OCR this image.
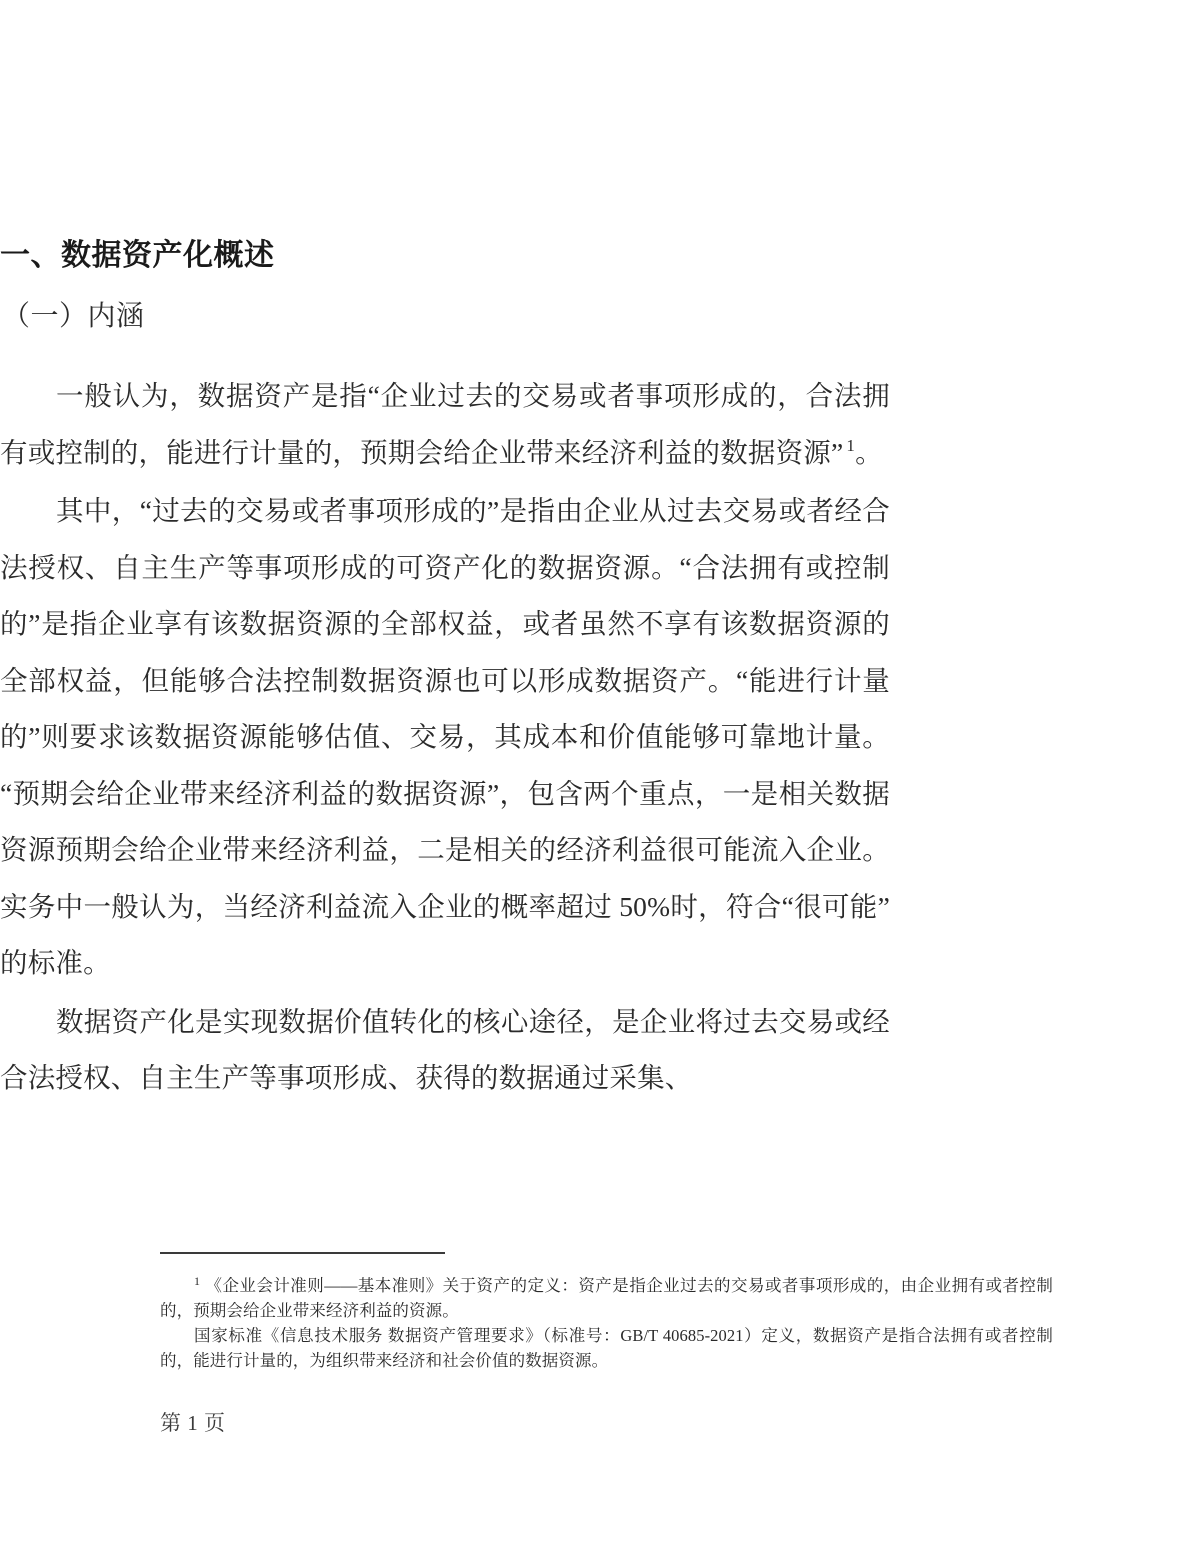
一、数据资产化概述
（一）内涵

一般认为，数据资产是指“企业过去的交易或者事项形成的，合法拥有或控制的，能进行计量的，预期会给企业带来经济利益的数据资源” $^1$。

其中，“过去的交易或者事项形成的”是指由企业从过去交易或者经合法授权、自主生产等事项形成的可资产化的数据资源。“合法拥有或控制的”是指企业享有该数据资源的全部权益，或者虽然不享有该数据资源的全部权益，但能够合法控制数据资源也可以形成数据资产。“能进行计量的”则要求该数据资源能够估值、交易，其成本和价值能够可靠地计量。“预期会给企业带来经济利益的数据资源”，包含两个重点，一是相关数据资源预期会给企业带来经济利益，二是相关的经济利益很可能流入企业。实务中一般认为，当经济利益流入企业的概率超过 50%时，符合“很可能”的标准。

数据资产化是实现数据价值转化的核心途径，是企业将过去交易或经合法授权、自主生产等事项形成、获得的数据通过采集、

$^1$ 《企业会计准则——基本准则》关于资产的定义：资产是指企业过去的交易或者事项形成的，由企业拥有或者控制的，预期会给企业带来经济利益的资源。

国家标准《信息技术服务 数据资产管理要求》（标准号：GB/T 40685-2021）定义，数据资产是指合法拥有或者控制的，能进行计量的，为组织带来经济和社会价值的数据资源。

第 1 页
